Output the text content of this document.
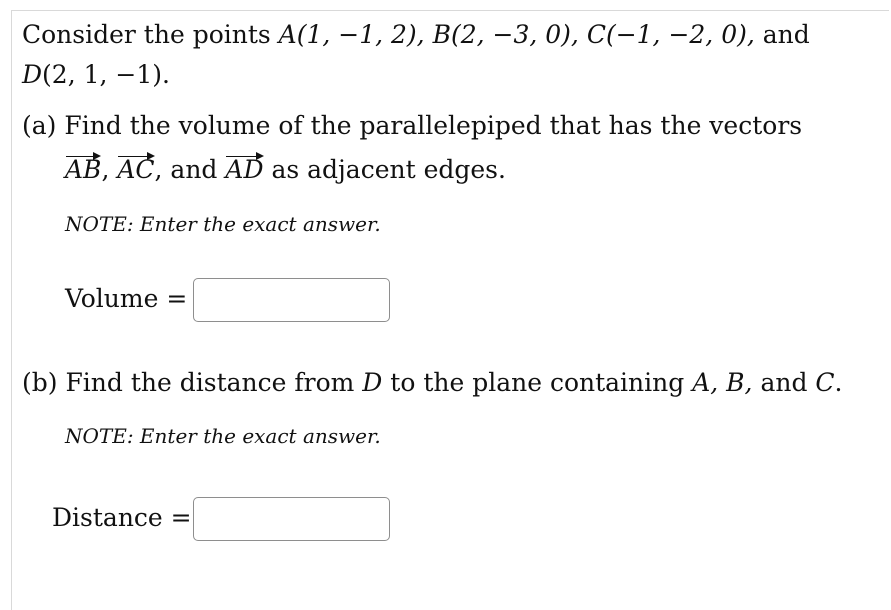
Consider the points A(1, −1, 2), B(2, −3, 0), C(−1, −2, 0), and
D(2, 1, −1).
(a) Find the volume of the parallelepiped that has the vectors
AB, AC, and AD as adjacent edges.
NOTE: Enter the exact answer.
Volume =
(b) Find the distance from D to the plane containing A, B, and C.
NOTE: Enter the exact answer.
Distance =
